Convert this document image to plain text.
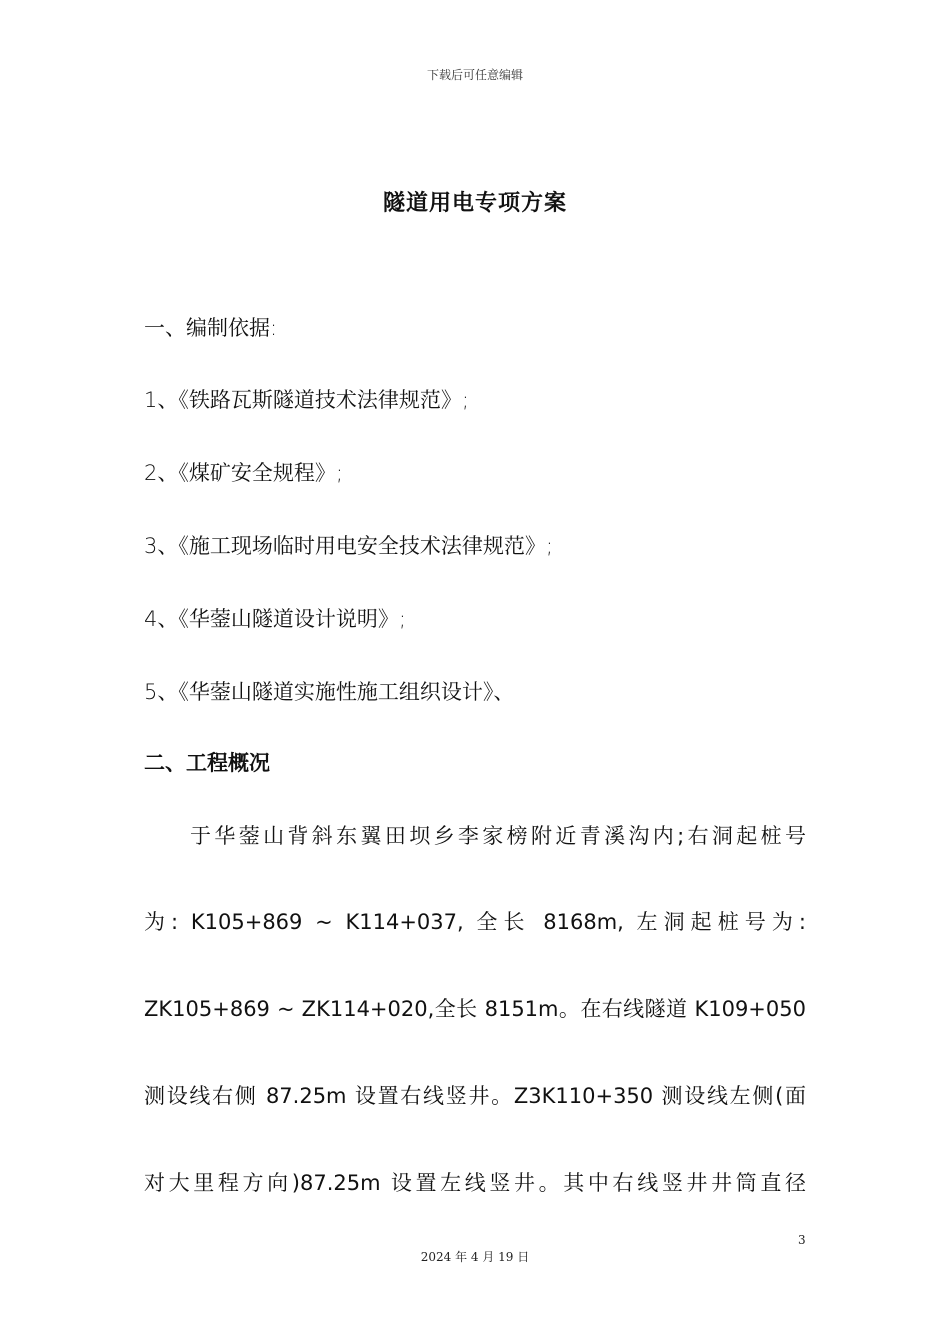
下载后可任意编辑
隧道用电专项方案
一、编制依据:
1、《铁路瓦斯隧道技术法律规范》;
2、《煤矿安全规程》;
3、《施工现场临时用电安全技术法律规范》;
4、《华蓥山隧道设计说明》;
5、《华蓥山隧道实施性施工组织设计》、
二、工程概况
于华蓥山背斜东翼田坝乡李家榜附近青溪沟内;右洞起桩号
为: K105+869 ~ K114+037, 全长 8168m, 左洞起桩号为:
ZK105+869 ~ ZK114+020,全长 8151m。在右线隧道 K109+050
测设线右侧 87.25m 设置右线竖井。Z3K110+350 测设线左侧(面
对大里程方向)87.25m 设置左线竖井。其中右线竖井井筒直径
3
2024 年 4 月 19 日
